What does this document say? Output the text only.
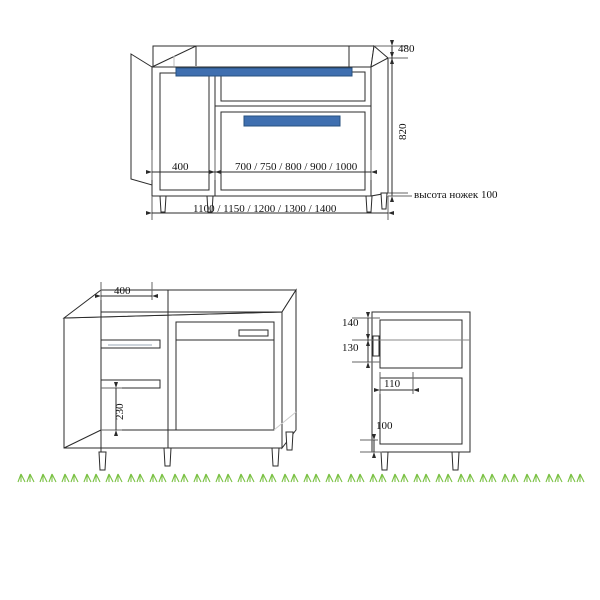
480
820
400	700 / 750 / 800 / 900 / 1000
1100 / 1150 / 1200 / 1300 / 1400
высота ножек 100
400
230
140
130
110
100
